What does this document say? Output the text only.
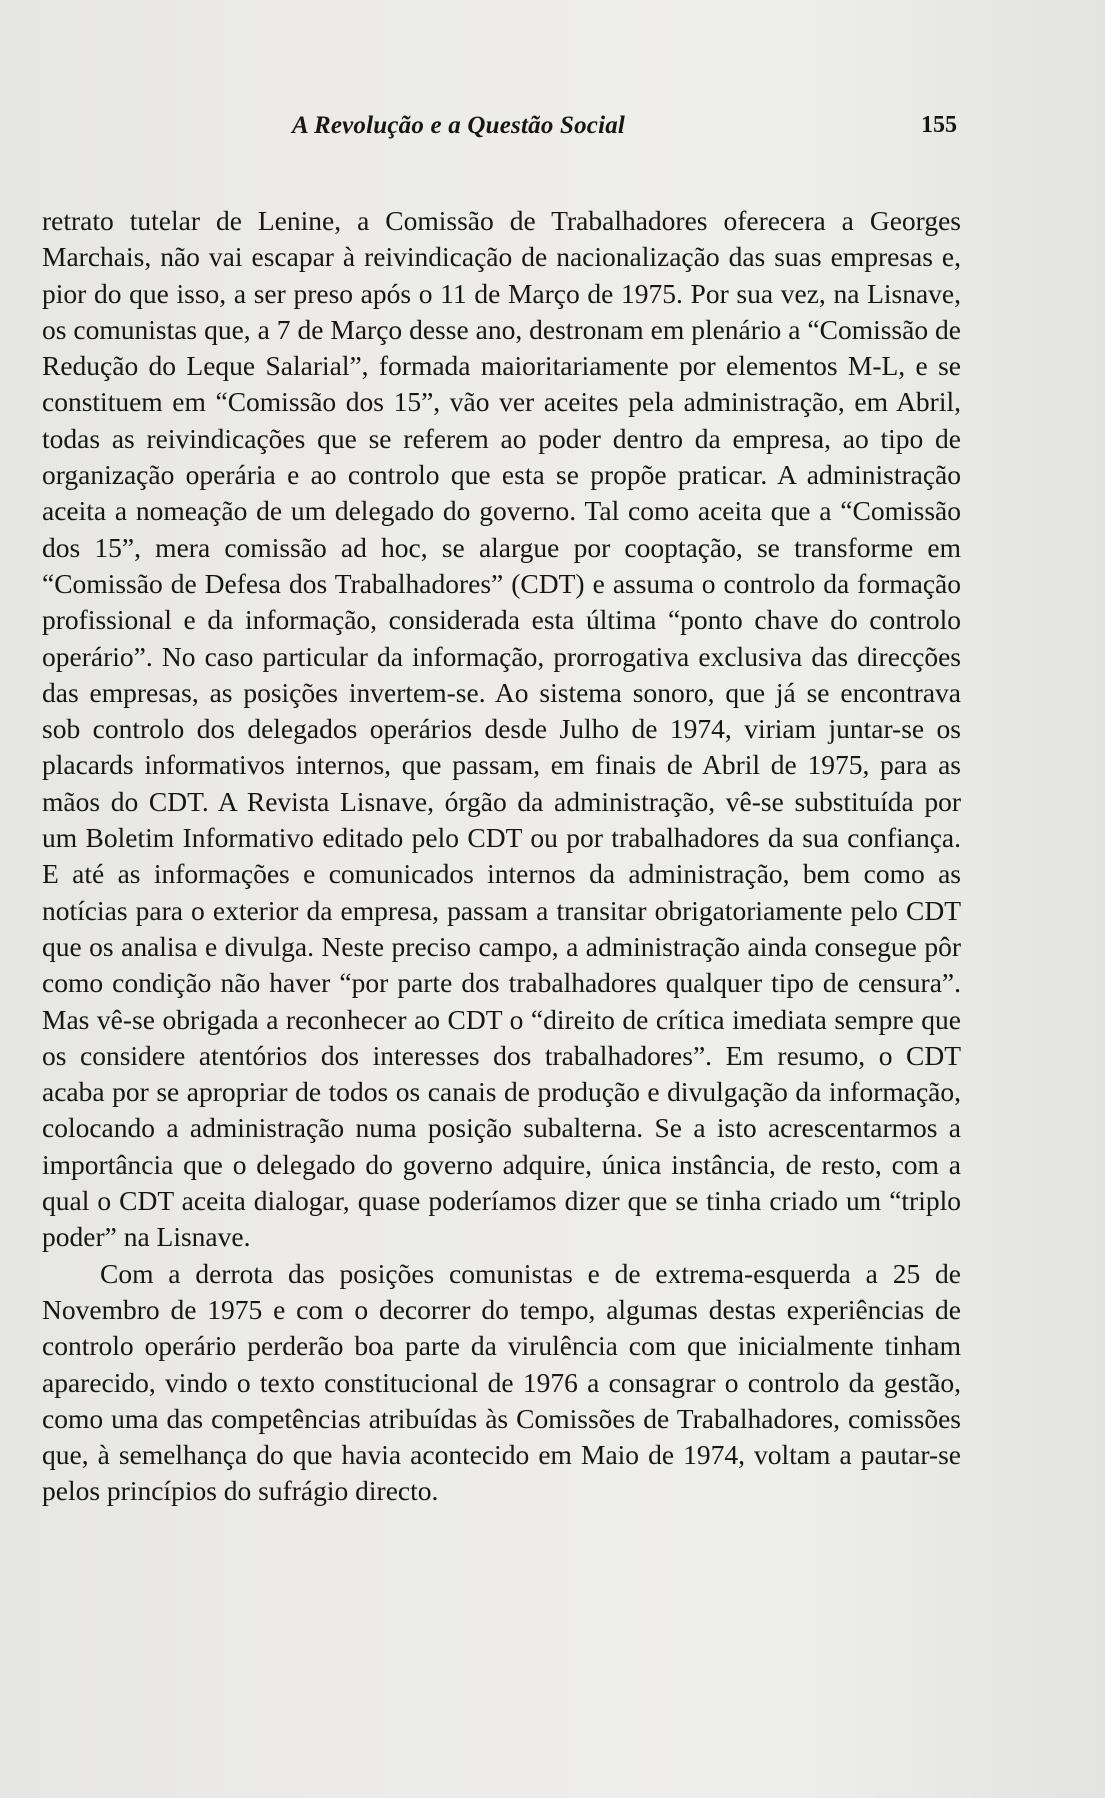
A Revolução e a Questão Social	155

retrato tutelar de Lenine, a Comissão de Trabalhadores oferecera a Georges Marchais, não vai escapar à reivindicação de nacionalização das suas empresas e, pior do que isso, a ser preso após o 11 de Março de 1975. Por sua vez, na Lisnave, os comunistas que, a 7 de Março desse ano, destronam em plenário a “Comissão de Redução do Leque Salarial”, formada maioritariamente por elementos M-L, e se constituem em “Comissão dos 15”, vão ver aceites pela administração, em Abril, todas as reivindicações que se referem ao poder dentro da empresa, ao tipo de organização operária e ao controlo que esta se propõe praticar. A administração aceita a nomeação de um delegado do governo. Tal como aceita que a “Comissão dos 15”, mera comissão ad hoc, se alargue por cooptação, se transforme em “Comissão de Defesa dos Trabalhadores” (CDT) e assuma o controlo da formação profissional e da informação, considerada esta última “ponto chave do controlo operário”. No caso particular da informação, prorrogativa exclusiva das direcções das empresas, as posições invertem-se. Ao sistema sonoro, que já se encontrava sob controlo dos delegados operários desde Julho de 1974, viriam juntar-se os placards informativos internos, que passam, em finais de Abril de 1975, para as mãos do CDT. A Revista Lisnave, órgão da administração, vê-se substituída por um Boletim Informativo editado pelo CDT ou por trabalhadores da sua confiança. E até as informações e comunicados internos da administração, bem como as notícias para o exterior da empresa, passam a transitar obrigatoriamente pelo CDT que os analisa e divulga. Neste preciso campo, a administração ainda consegue pôr como condição não haver “por parte dos trabalhadores qualquer tipo de censura”. Mas vê-se obrigada a reconhecer ao CDT o “direito de crítica imediata sempre que os considere atentórios dos interesses dos trabalhadores”. Em resumo, o CDT acaba por se apropriar de todos os canais de produção e divulgação da informação, colocando a administração numa posição subalterna. Se a isto acrescentarmos a importância que o delegado do governo adquire, única instância, de resto, com a qual o CDT aceita dialogar, quase poderíamos dizer que se tinha criado um “triplo poder” na Lisnave.

Com a derrota das posições comunistas e de extrema-esquerda a 25 de Novembro de 1975 e com o decorrer do tempo, algumas destas experiências de controlo operário perderão boa parte da virulência com que inicialmente tinham aparecido, vindo o texto constitucional de 1976 a consagrar o controlo da gestão, como uma das competências atribuídas às Comissões de Trabalhadores, comissões que, à semelhança do que havia acontecido em Maio de 1974, voltam a pautar-se pelos princípios do sufrágio directo.
